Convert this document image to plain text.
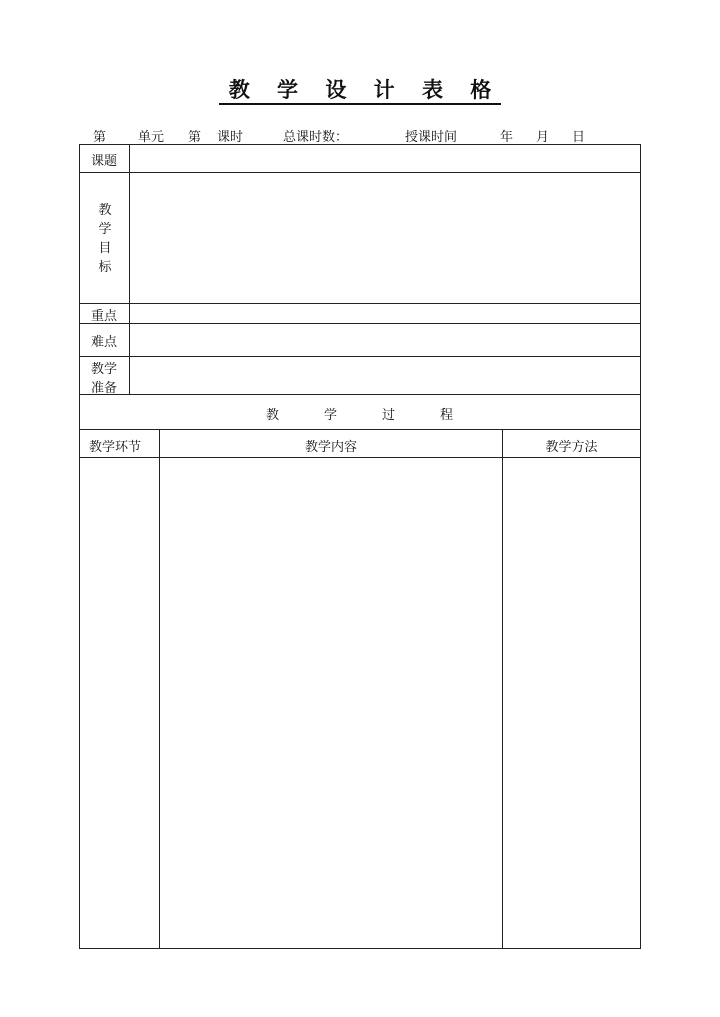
教 学 设 计 表 格
第 单元 第 课时	总课时数：	授课时间	年 月 日
课题
教
学
目
标
重点
难点
教学
准备
教	学	过	程
教学环节	教学内容	教学方法
